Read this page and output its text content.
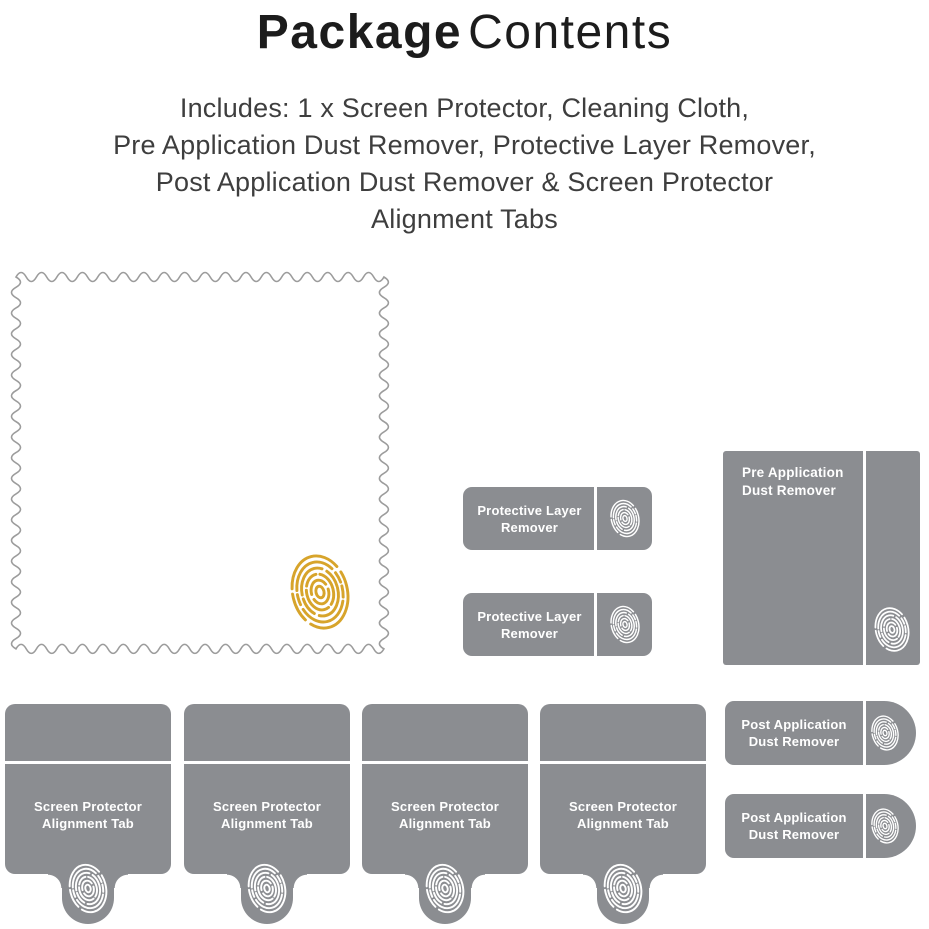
Package Contents
Includes: 1 x Screen Protector, Cleaning Cloth,
Pre Application Dust Remover, Protective Layer Remover,
Post Application Dust Remover & Screen Protector
Alignment Tabs
Protective Layer
Remover
Protective Layer
Remover
Pre Application
Dust Remover
Post Application
Dust Remover
Post Application
Dust Remover
Screen Protector
Alignment Tab
Screen Protector
Alignment Tab
Screen Protector
Alignment Tab
Screen Protector
Alignment Tab
